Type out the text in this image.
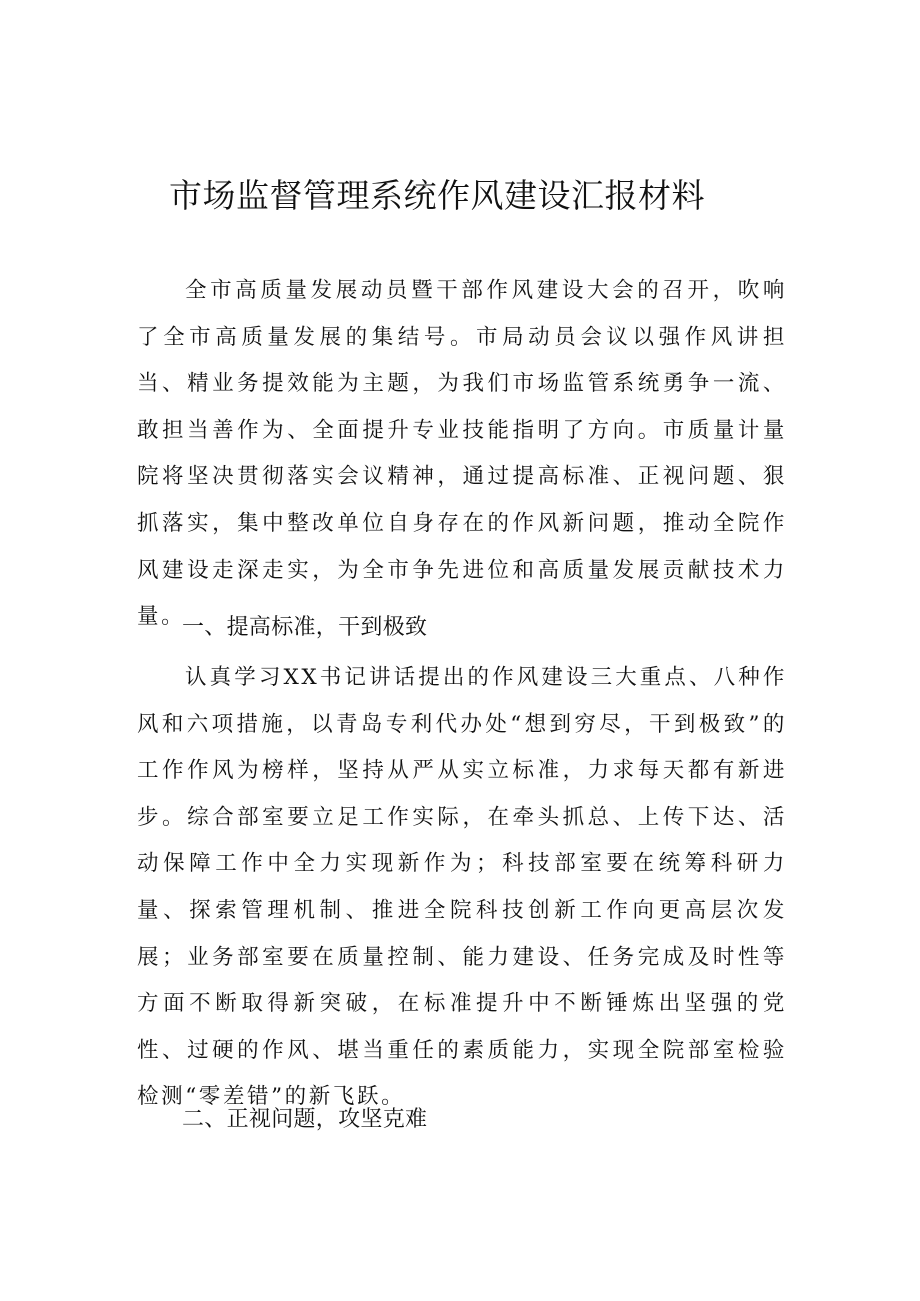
市场监督管理系统作风建设汇报材料

全市高质量发展动员暨干部作风建设大会的召开，吹响了全市高质量发展的集结号。市局动员会议以强作风讲担当、精业务提效能为主题，为我们市场监管系统勇争一流、敢担当善作为、全面提升专业技能指明了方向。市质量计量院将坚决贯彻落实会议精神，通过提高标准、正视问题、狠抓落实，集中整改单位自身存在的作风新问题，推动全院作风建设走深走实，为全市争先进位和高质量发展贡献技术力量。

一、提高标准，干到极致

认真学习XX书记讲话提出的作风建设三大重点、八种作风和六项措施，以青岛专利代办处“想到穷尽，干到极致”的工作作风为榜样，坚持从严从实立标准，力求每天都有新进步。综合部室要立足工作实际，在牵头抓总、上传下达、活动保障工作中全力实现新作为；科技部室要在统筹科研力量、探索管理机制、推进全院科技创新工作向更高层次发展；业务部室要在质量控制、能力建设、任务完成及时性等方面不断取得新突破，在标准提升中不断锤炼出坚强的党性、过硬的作风、堪当重任的素质能力，实现全院部室检验检测“零差错”的新飞跃。

二、正视问题，攻坚克难
